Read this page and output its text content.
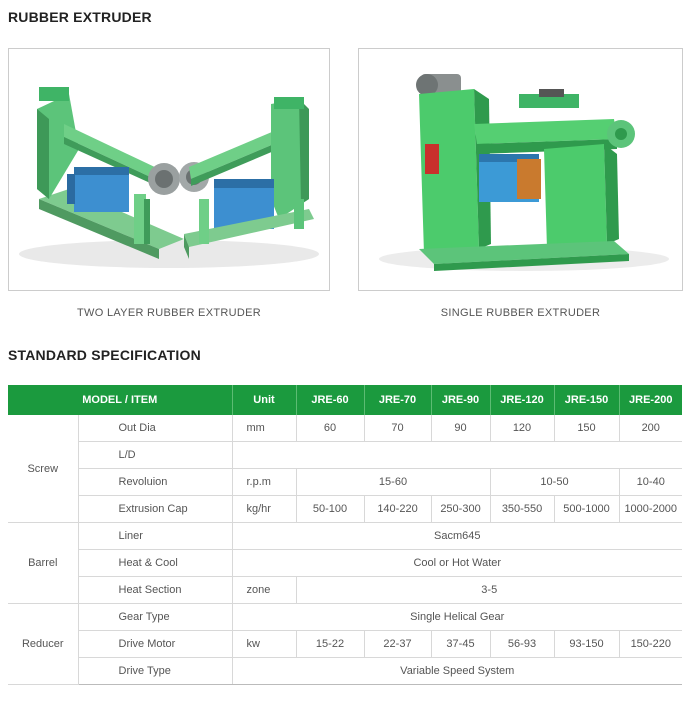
RUBBER EXTRUDER
TWO LAYER RUBBER EXTRUDER	SINGLE RUBBER EXTRUDER
STANDARD SPECIFICATION
MODEL / ITEM		Unit	JRE-60	JRE-70	JRE-90	JRE-120	JRE-150	JRE-200
Screw	Out Dia	mm	60	70	90	120	150	200
	L/D							
	Revoluion	r.p.m	15-60			10-50		10-40
	Extrusion Cap	kg/hr	50-100	140-220	250-300	350-550	500-1000	1000-2000
Barrel	Liner	Sacm645						
	Heat & Cool	Cool or Hot Water						
	Heat Section	zone	3-5					
Reducer	Gear Type	Single Helical Gear						
	Drive Motor	kw	15-22	22-37	37-45	56-93	93-150	150-220
	Drive Type	Variable Speed System						
